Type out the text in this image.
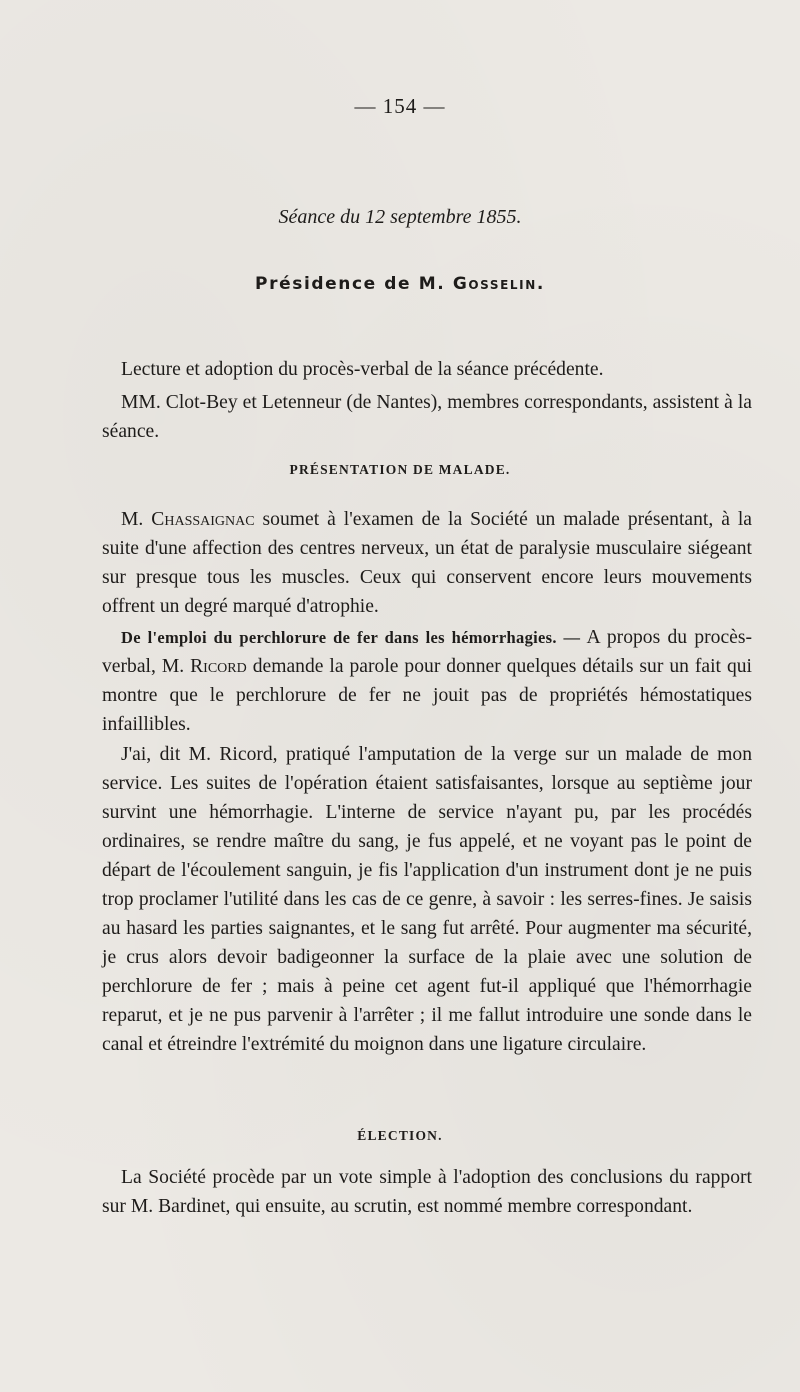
— 154 —
Séance du 12 septembre 1855.
Présidence de M. Gosselin.

Lecture et adoption du procès-verbal de la séance précédente.

MM. Clot-Bey et Letenneur (de Nantes), membres correspondants, assistent à la séance.

PRÉSENTATION DE MALADE.

M. Chassaignac soumet à l'examen de la Société un malade présentant, à la suite d'une affection des centres nerveux, un état de paralysie musculaire siégeant sur presque tous les muscles. Ceux qui conservent encore leurs mouvements offrent un degré marqué d'atrophie.

De l'emploi du perchlorure de fer dans les hémorrhagies. — A propos du procès-verbal, M. Ricord demande la parole pour donner quelques détails sur un fait qui montre que le perchlorure de fer ne jouit pas de propriétés hémostatiques infaillibles.

J'ai, dit M. Ricord, pratiqué l'amputation de la verge sur un malade de mon service. Les suites de l'opération étaient satisfaisantes, lorsque au septième jour survint une hémorrhagie. L'interne de service n'ayant pu, par les procédés ordinaires, se rendre maître du sang, je fus appelé, et ne voyant pas le point de départ de l'écoulement sanguin, je fis l'application d'un instrument dont je ne puis trop proclamer l'utilité dans les cas de ce genre, à savoir : les serres-fines. Je saisis au hasard les parties saignantes, et le sang fut arrêté. Pour augmenter ma sécurité, je crus alors devoir badigeonner la surface de la plaie avec une solution de perchlorure de fer ; mais à peine cet agent fut-il appliqué que l'hémorrhagie reparut, et je ne pus parvenir à l'arrêter ; il me fallut introduire une sonde dans le canal et étreindre l'extrémité du moignon dans une ligature circulaire.

ÉLECTION.

La Société procède par un vote simple à l'adoption des conclusions du rapport sur M. Bardinet, qui ensuite, au scrutin, est nommé membre correspondant.
